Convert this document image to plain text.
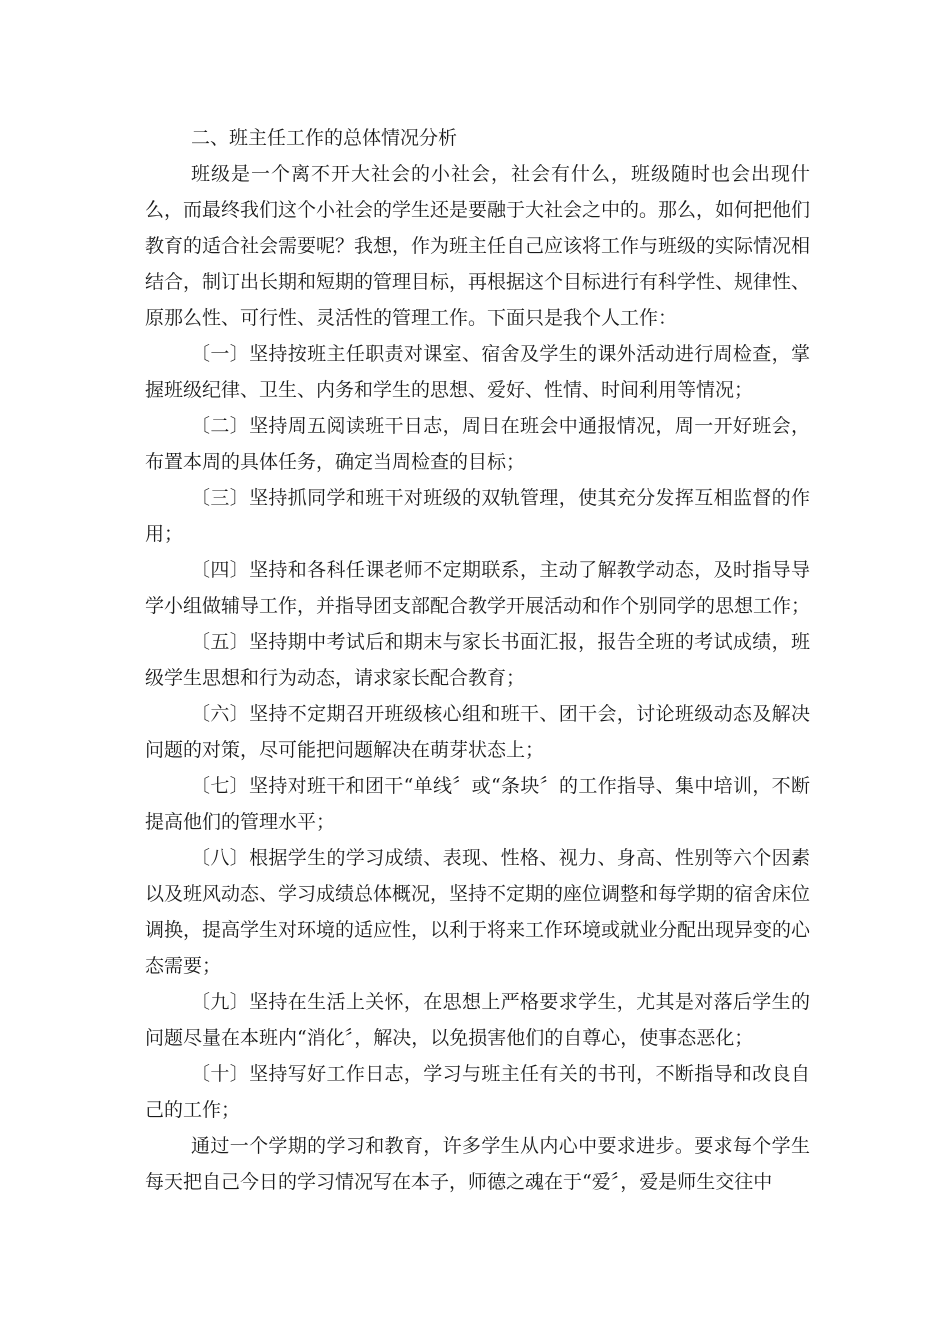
二、班主任工作的总体情况分析

班级是一个离不开大社会的小社会，社会有什么，班级随时也会出现什么，而最终我们这个小社会的学生还是要融于大社会之中的。那么，如何把他们教育的适合社会需要呢？我想，作为班主任自己应该将工作与班级的实际情况相结合，制订出长期和短期的管理目标，再根据这个目标进行有科学性、规律性、原那么性、可行性、灵活性的管理工作。下面只是我个人工作：

〔一〕坚持按班主任职责对课室、宿舍及学生的课外活动进行周检查，掌握班级纪律、卫生、内务和学生的思想、爱好、性情、时间利用等情况；

〔二〕坚持周五阅读班干日志，周日在班会中通报情况，周一开好班会，布置本周的具体任务，确定当周检查的目标；

〔三〕坚持抓同学和班干对班级的双轨管理，使其充分发挥互相监督的作用；

〔四〕坚持和各科任课老师不定期联系，主动了解教学动态，及时指导导学小组做辅导工作，并指导团支部配合教学开展活动和作个别同学的思想工作；

〔五〕坚持期中考试后和期末与家长书面汇报，报告全班的考试成绩，班级学生思想和行为动态，请求家长配合教育；

〔六〕坚持不定期召开班级核心组和班干、团干会，讨论班级动态及解决问题的对策，尽可能把问题解决在萌芽状态上；

〔七〕坚持对班干和团干“单线〞或“条块〞的工作指导、集中培训，不断提高他们的管理水平；

〔八〕根据学生的学习成绩、表现、性格、视力、身高、性别等六个因素以及班风动态、学习成绩总体概况，坚持不定期的座位调整和每学期的宿舍床位调换，提高学生对环境的适应性，以利于将来工作环境或就业分配出现异变的心态需要；

〔九〕坚持在生活上关怀，在思想上严格要求学生，尤其是对落后学生的问题尽量在本班内“消化〞，解决，以免损害他们的自尊心，使事态恶化；

〔十〕坚持写好工作日志，学习与班主任有关的书刊，不断指导和改良自己的工作；

通过一个学期的学习和教育，许多学生从内心中要求进步。要求每个学生每天把自己今日的学习情况写在本子，师德之魂在于“爱〞，爱是师生交往中
